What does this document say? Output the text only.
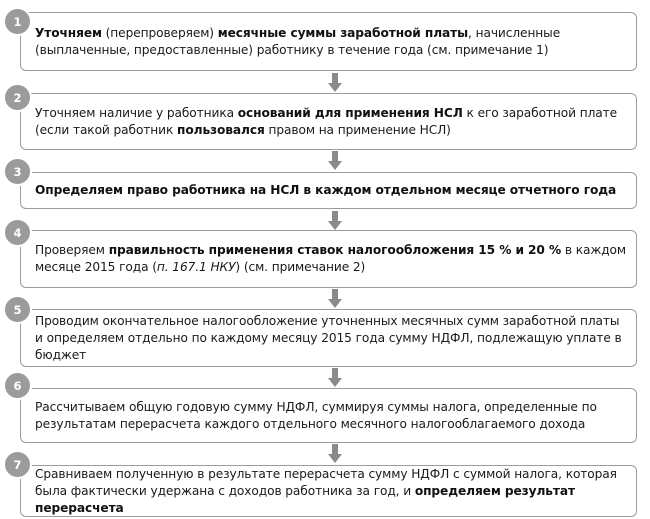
Уточняем (перепроверяем) месячные суммы заработной платы, начисленные (выплаченные, предоставленные) работнику в течение года (см. примечание 1)
1
Уточняем наличие у работника оснований для применения НСЛ к его заработной плате (если такой работник пользовался правом на применение НСЛ)
2
Определяем право работника на НСЛ в каждом отдельном месяце отчетного года
3
Проверяем правильность применения ставок налогообложения 15 % и 20 % в каждом месяце 2015 года (п. 167.1 НКУ) (см. примечание 2)
4
Проводим окончательное налогообложение уточненных месячных сумм заработной платы и определяем отдельно по каждому месяцу 2015 года сумму НДФЛ, подлежащую уплате в бюджет
5
Рассчитываем общую годовую сумму НДФЛ, суммируя суммы налога, определенные по результатам перерасчета каждого отдельного месячного налогооблагаемого дохода
6
Сравниваем полученную в результате перерасчета сумму НДФЛ с суммой налога, которая была фактически удержана с доходов работника за год, и определяем результат перерасчета
7
